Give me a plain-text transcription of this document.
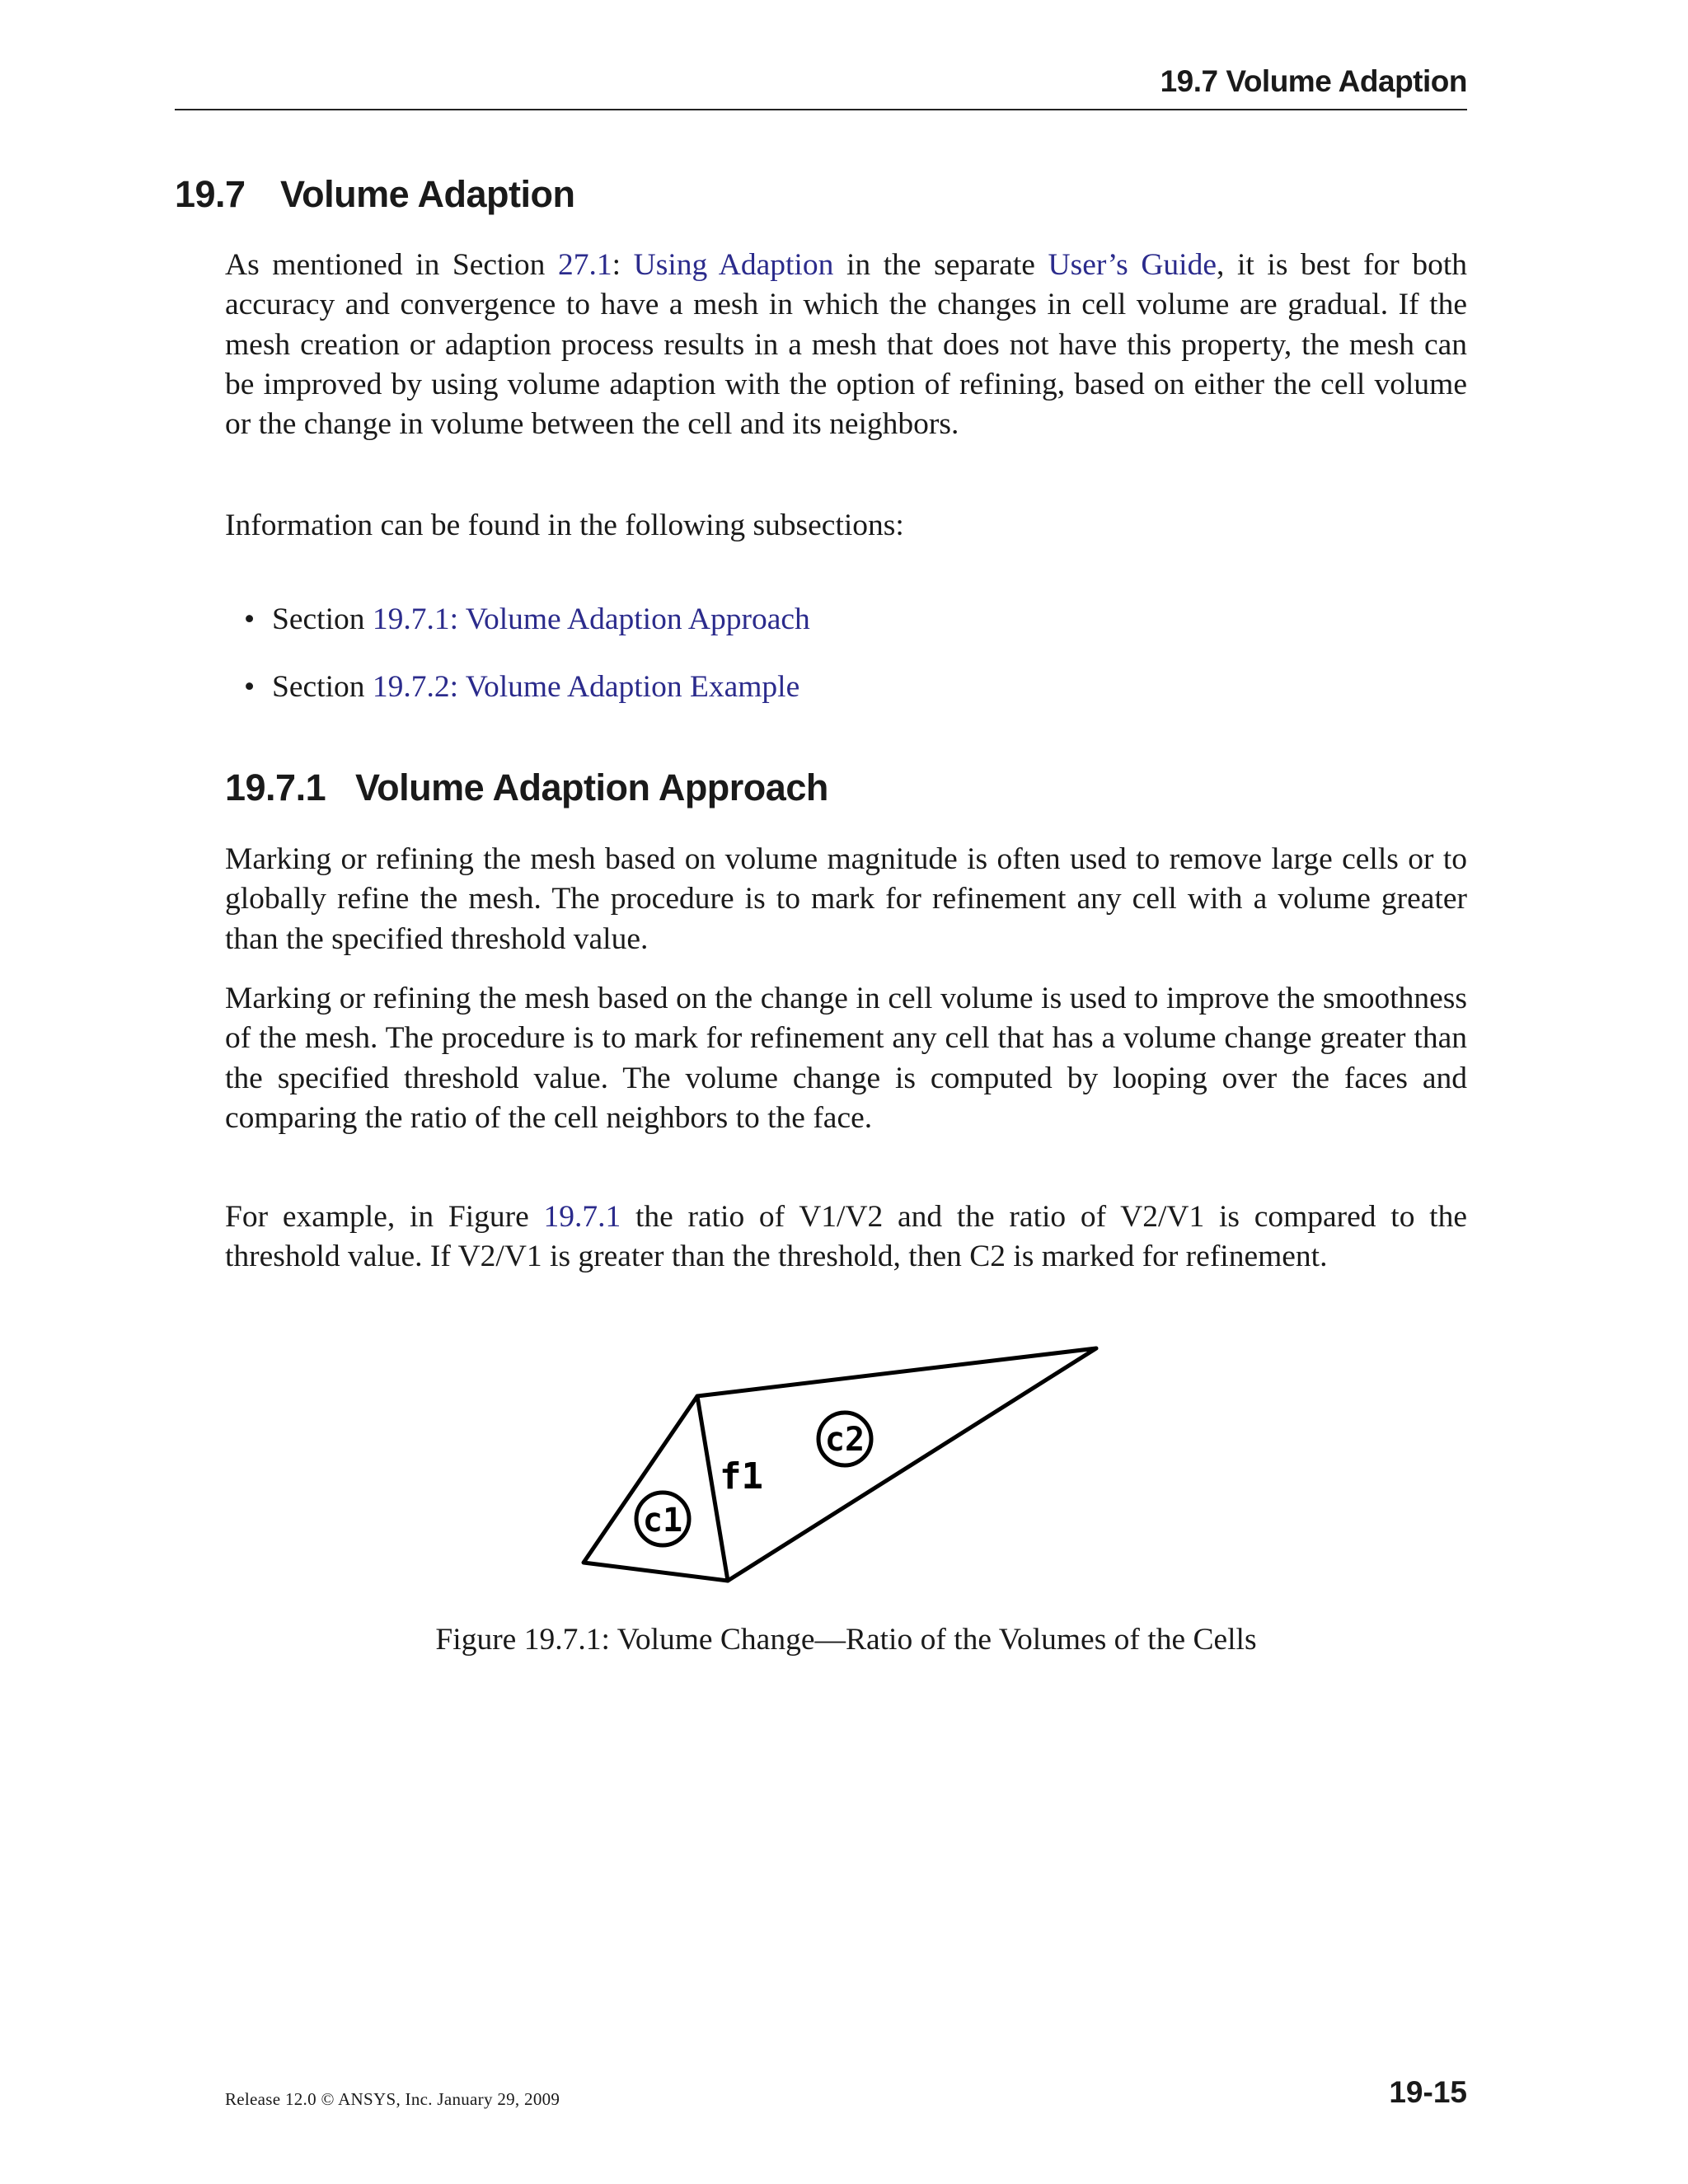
19.7 Volume Adaption
19.7 Volume Adaption

As mentioned in Section 27.1: Using Adaption in the separate User’s Guide, it is best for both accuracy and convergence to have a mesh in which the changes in cell volume are gradual. If the mesh creation or adaption process results in a mesh that does not have this property, the mesh can be improved by using volume adaption with the option of refining, based on either the cell volume or the change in volume between the cell and its neighbors.

Information can be found in the following subsections:

• Section 19.7.1: Volume Adaption Approach
• Section 19.7.2: Volume Adaption Example
19.7.1 Volume Adaption Approach

Marking or refining the mesh based on volume magnitude is often used to remove large cells or to globally refine the mesh. The procedure is to mark for refinement any cell with a volume greater than the specified threshold value.

Marking or refining the mesh based on the change in cell volume is used to improve the smoothness of the mesh. The procedure is to mark for refinement any cell that has a volume change greater than the specified threshold value. The volume change is computed by looping over the faces and comparing the ratio of the cell neighbors to the face.

For example, in Figure 19.7.1 the ratio of V1/V2 and the ratio of V2/V1 is compared to the threshold value. If V2/V1 is greater than the threshold, then C2 is marked for refinement.

c1
c2
f1

Figure 19.7.1: Volume Change—Ratio of the Volumes of the Cells

Release 12.0 © ANSYS, Inc. January 29, 2009	19-15
